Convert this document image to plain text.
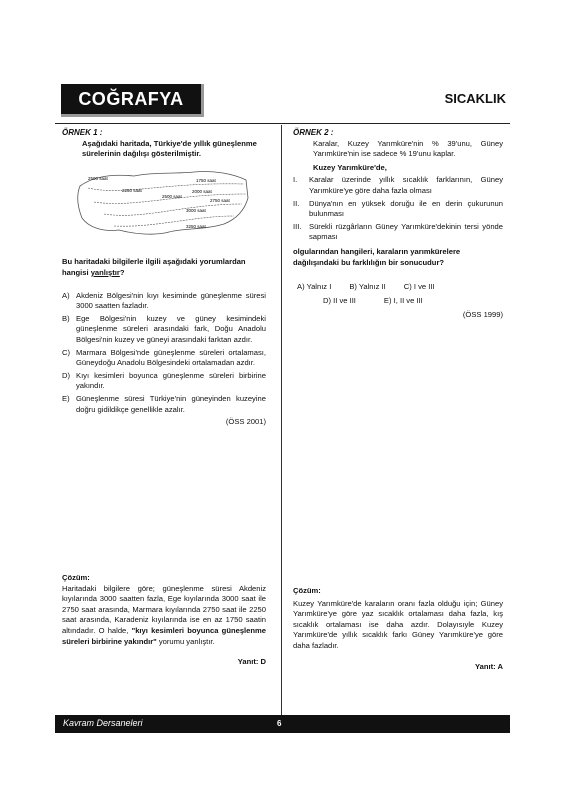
COĞRAFYA	SICAKLIK
ÖRNEK 1 :

Aşağıdaki haritada, Türkiye'de yıllık güneşlenme sürelerinin dağılışı gösterilmiştir.

2500 saat	1750 saat
2250 saat	2000 saat
2500 saat
2750 saat
3000 saat
3250 saat

Bu haritadaki bilgilerle ilgili aşağıdaki yorumlardan hangisi yanlıştır?

A) Akdeniz Bölgesi'nin kıyı kesiminde güneşlenme süresi 3000 saatten fazladır.
B) Ege Bölgesi'nin kuzey ve güney kesimindeki güneşlenme süreleri arasındaki fark, Doğu Anadolu Bölgesi'nin kuzey ve güneyi arasındaki farktan azdır.
C) Marmara Bölgesi'nde güneşlenme süreleri ortalaması, Güneydoğu Anadolu Bölgesindeki ortalamadan azdır.
D) Kıyı kesimleri boyunca güneşlenme süreleri birbirine yakındır.
E) Güneşlenme süresi Türkiye'nin güneyinden kuzeyine doğru gidildikçe genellikle azalır.
(ÖSS 2001)
Çözüm:

Haritadaki bilgilere göre; güneşlenme süresi Akdeniz kıyılarında 3000 saatten fazla, Ege kıyılarında 3000 saat ile 2750 saat arasında, Marmara kıyılarında 2750 saat ile 2250 saat arasında, Karadeniz kıyılarında ise en az 1750 saatin altındadır. O halde, "kıyı kesimleri boyunca güneşlenme süreleri birbirine yakındır" yorumu yanlıştır.

Yanıt: D
ÖRNEK 2 :

Karalar, Kuzey Yarımküre'nin % 39'unu, Güney Yarımküre'nin ise sadece % 19'unu kaplar.

Kuzey Yarımküre'de,

I.	Karalar üzerinde yıllık sıcaklık farklarının, Güney Yarımküre'ye göre daha fazla olması
II.	Dünya'nın en yüksek doruğu ile en derin çukurunun bulunması
III. Sürekli rüzgârların Güney Yarımküre'dekinin tersi yönde sapması

olgularından hangileri, karaların yarımkürelere dağılışındaki bu farklılığın bir sonucudur?

A) Yalnız I B) Yalnız II C) I ve III
D) II ve III	E) I, II ve III
(ÖSS 1999)
Çözüm:

Kuzey Yarımküre'de karaların oranı fazla olduğu için; Güney Yarımküre'ye göre yaz sıcaklık ortalaması daha fazla, kış sıcaklık ortalaması ise daha azdır. Dolayısıyle Kuzey Yarımküre'de yıllık sıcaklık farkı Güney Yarımküre'ye göre daha fazladır.

Yanıt: A
Kavram Dersaneleri	6
